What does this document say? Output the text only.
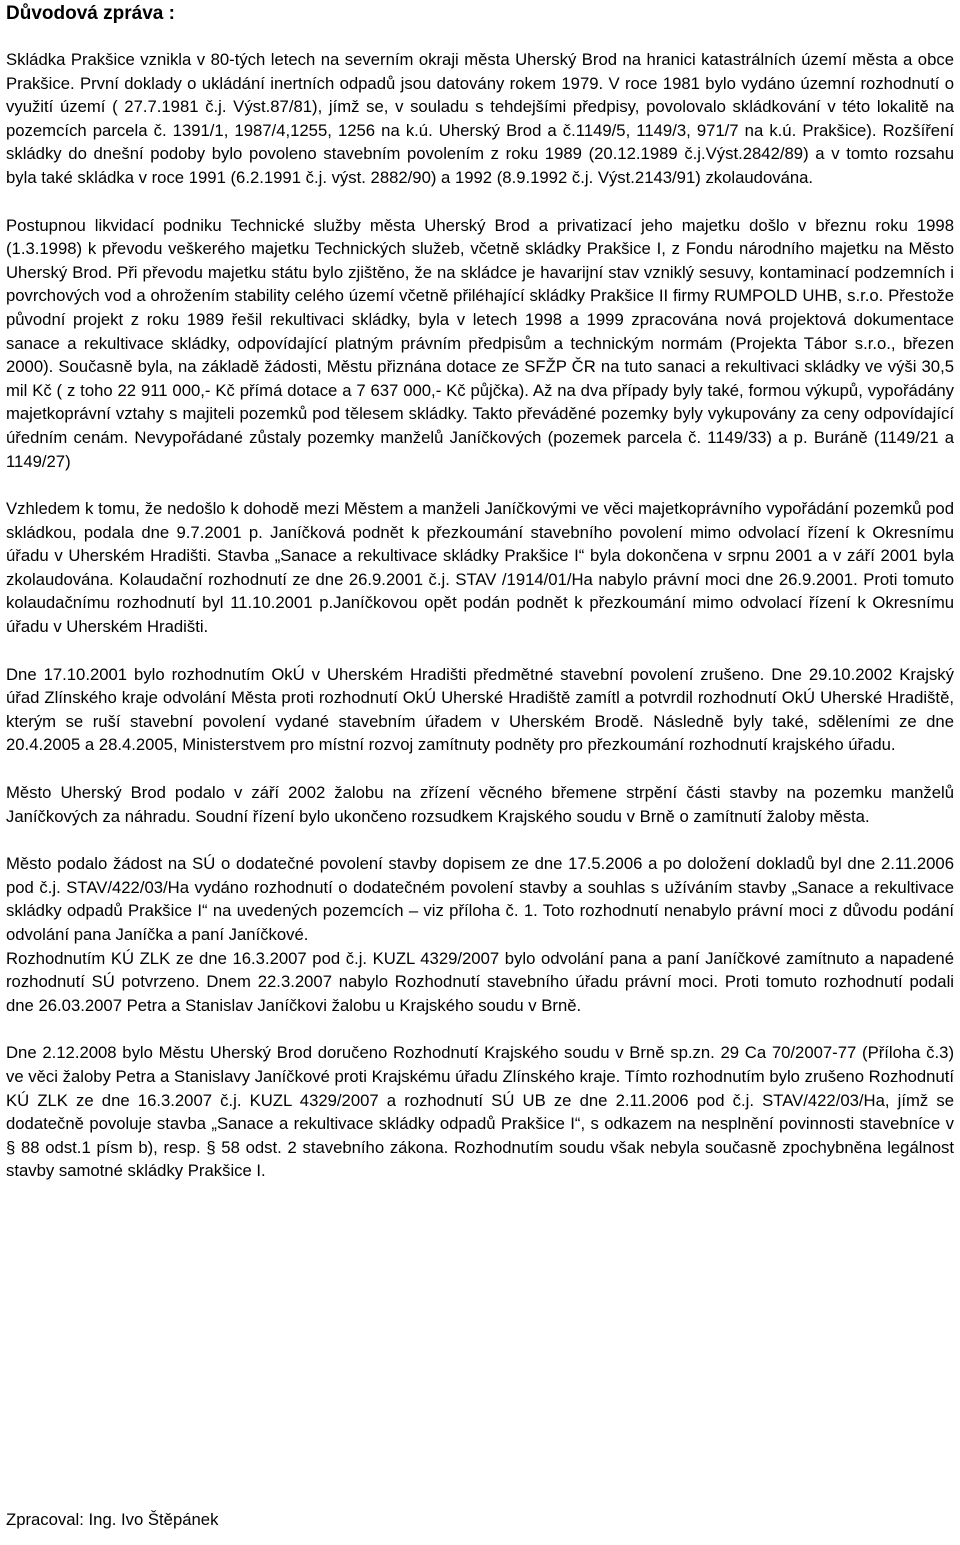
Důvodová zpráva :

Skládka Prakšice vznikla v 80-tých letech na severním okraji města Uherský Brod na hranici katastrálních území města a obce Prakšice. První doklady o ukládání inertních odpadů jsou datovány rokem 1979. V roce 1981 bylo vydáno územní rozhodnutí o využití území ( 27.7.1981 č.j. Výst.87/81), jímž se, v souladu s tehdejšími předpisy, povolovalo skládkování v této lokalitě na pozemcích parcela č. 1391/1, 1987/4,1255, 1256 na k.ú. Uherský Brod a č.1149/5, 1149/3, 971/7 na k.ú. Prakšice). Rozšíření skládky do dnešní podoby bylo povoleno stavebním povolením z roku 1989 (20.12.1989 č.j.Výst.2842/89) a v tomto rozsahu byla také skládka v roce 1991 (6.2.1991 č.j. výst. 2882/90) a 1992 (8.9.1992 č.j. Výst.2143/91) zkolaudována.

Postupnou likvidací podniku Technické služby města Uherský Brod a privatizací jeho majetku došlo v březnu roku 1998 (1.3.1998) k převodu veškerého majetku Technických služeb, včetně skládky Prakšice I, z Fondu národního majetku na Město Uherský Brod. Při převodu majetku státu bylo zjištěno, že na skládce je havarijní stav vzniklý sesuvy, kontaminací podzemních i povrchových vod a ohrožením stability celého území včetně přiléhající skládky Prakšice II firmy RUMPOLD UHB, s.r.o. Přestože původní projekt z roku 1989 řešil rekultivaci skládky, byla v letech 1998 a 1999 zpracována nová projektová dokumentace sanace a rekultivace skládky, odpovídající platným právním předpisům a technickým normám (Projekta Tábor s.r.o., březen 2000). Současně byla, na základě žádosti, Městu přiznána dotace ze SFŽP ČR na tuto sanaci a rekultivaci skládky ve výši 30,5 mil Kč ( z toho 22 911 000,- Kč přímá dotace a 7 637 000,- Kč půjčka). Až na dva případy byly také, formou výkupů, vypořádány majetkoprávní vztahy s majiteli pozemků pod tělesem skládky. Takto převáděné pozemky byly vykupovány za ceny odpovídající úředním cenám. Nevypořádané zůstaly pozemky manželů Janíčkových (pozemek parcela č. 1149/33) a p. Buráně (1149/21 a 1149/27)

Vzhledem k tomu, že nedošlo k dohodě mezi Městem a manželi Janíčkovými ve věci majetkoprávního vypořádání pozemků pod skládkou, podala dne 9.7.2001 p. Janíčková podnět k přezkoumání stavebního povolení mimo odvolací řízení k Okresnímu úřadu v Uherském Hradišti. Stavba „Sanace a rekultivace skládky Prakšice I“ byla dokončena v srpnu 2001 a v září 2001 byla zkolaudována. Kolaudační rozhodnutí ze dne 26.9.2001 č.j. STAV /1914/01/Ha nabylo právní moci dne 26.9.2001. Proti tomuto kolaudačnímu rozhodnutí byl 11.10.2001 p.Janíčkovou opět podán podnět k přezkoumání mimo odvolací řízení k Okresnímu úřadu v Uherském Hradišti.

Dne 17.10.2001 bylo rozhodnutím OkÚ v Uherském Hradišti předmětné stavební povolení zrušeno. Dne 29.10.2002 Krajský úřad Zlínského kraje odvolání Města proti rozhodnutí OkÚ Uherské Hradiště zamítl a potvrdil rozhodnutí OkÚ Uherské Hradiště, kterým se ruší stavební povolení vydané stavebním úřadem v Uherském Brodě. Následně byly také, sděleními ze dne 20.4.2005 a 28.4.2005, Ministerstvem pro místní rozvoj zamítnuty podněty pro přezkoumání rozhodnutí krajského úřadu.

Město Uherský Brod podalo v září 2002 žalobu na zřízení věcného břemene strpění části stavby na pozemku manželů Janíčkových za náhradu. Soudní řízení bylo ukončeno rozsudkem Krajského soudu v Brně o zamítnutí žaloby města.

Město podalo žádost na SÚ o dodatečné povolení stavby dopisem ze dne 17.5.2006 a po doložení dokladů byl dne 2.11.2006 pod č.j. STAV/422/03/Ha vydáno rozhodnutí o dodatečném povolení stavby a souhlas s užíváním stavby „Sanace a rekultivace skládky odpadů Prakšice I“ na uvedených pozemcích – viz příloha č. 1. Toto rozhodnutí nenabylo právní moci z důvodu podání odvolání pana Janíčka a paní Janíčkové.

Rozhodnutím KÚ ZLK ze dne 16.3.2007 pod č.j. KUZL 4329/2007 bylo odvolání pana a paní Janíčkové zamítnuto a napadené rozhodnutí SÚ potvrzeno. Dnem 22.3.2007 nabylo Rozhodnutí stavebního úřadu právní moci. Proti tomuto rozhodnutí podali dne 26.03.2007 Petra a Stanislav Janíčkovi žalobu u Krajského soudu v Brně.

Dne 2.12.2008 bylo Městu Uherský Brod doručeno Rozhodnutí Krajského soudu v Brně sp.zn. 29 Ca 70/2007-77 (Příloha č.3) ve věci žaloby Petra a Stanislavy Janíčkové proti Krajskému úřadu Zlínského kraje. Tímto rozhodnutím bylo zrušeno Rozhodnutí KÚ ZLK ze dne 16.3.2007 č.j. KUZL 4329/2007 a rozhodnutí SÚ UB ze dne 2.11.2006 pod č.j. STAV/422/03/Ha, jímž se dodatečně povoluje stavba „Sanace a rekultivace skládky odpadů Prakšice I“, s odkazem na nesplnění povinnosti stavebníce v § 88 odst.1 písm b), resp. § 58 odst. 2 stavebního zákona. Rozhodnutím soudu však nebyla současně zpochybněna legálnost stavby samotné skládky Prakšice I.

Zpracoval: Ing. Ivo Štěpánek
